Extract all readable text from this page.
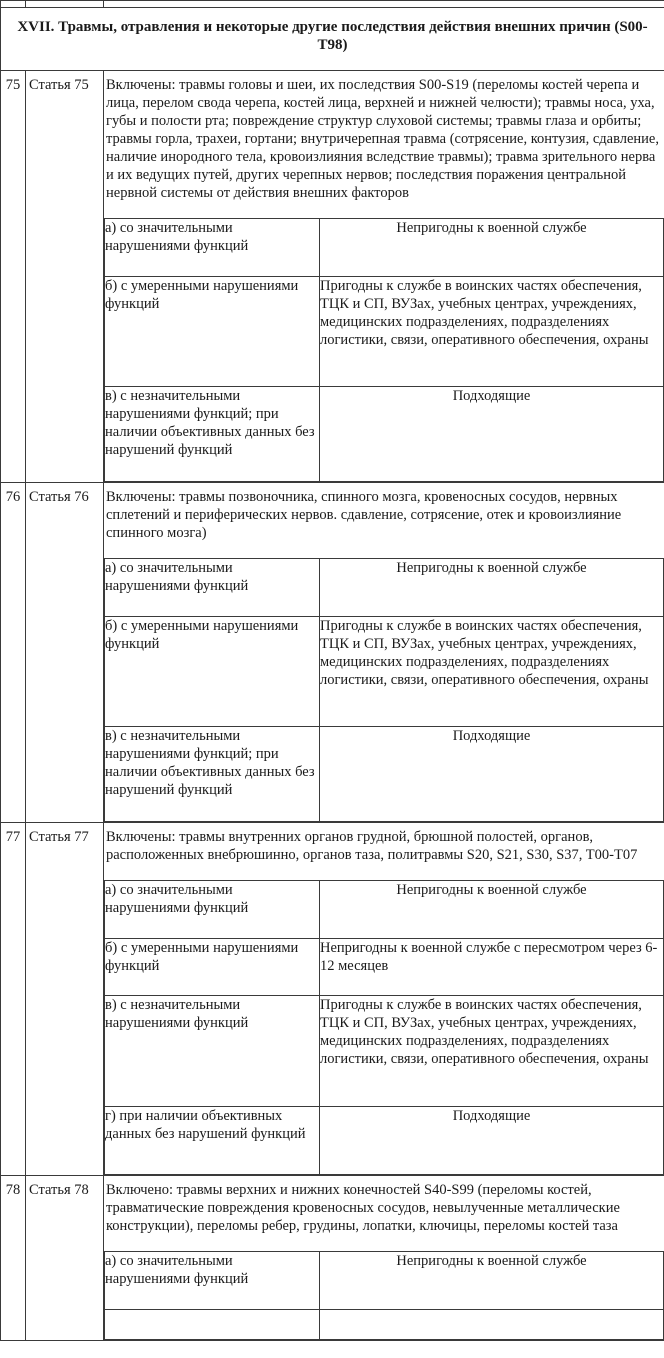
XVII. Травмы, отравления и некоторые другие последствия действия внешних причин (S00-T98)
75	Статья 75	Включены: травмы головы и шеи, их последствия S00-S19 (переломы костей черепа и лица, перелом свода черепа, костей лица, верхней и нижней челюсти); травмы носа, уха, губы и полости рта; повреждение структур слуховой системы; травмы глаза и орбиты; травмы горла, трахеи, гортани; внутричерепная травма (сотрясение, контузия, сдавление, наличие инородного тела, кровоизлияния вследствие травмы); травма зрительного нерва и их ведущих путей, других черепных нервов; последствия поражения центральной нервной системы от действия внешних факторов
а) со значительными нарушениями функций	Непригодны к военной службе
б) с умеренными нарушениями функций	Пригодны к службе в воинских частях обеспечения, ТЦК и СП, ВУЗах, учебных центрах, учреждениях, медицинских подразделениях, подразделениях логистики, связи, оперативного обеспечения, охраны
в) с незначительными нарушениями функций; при наличии объективных данных без нарушений функций	Подходящие

76	Статья 76	Включены: травмы позвоночника, спинного мозга, кровеносных сосудов, нервных сплетений и периферических нервов. сдавление, сотрясение, отек и кровоизлияние спинного мозга)
а) со значительными нарушениями функций	Непригодны к военной службе
б) с умеренными нарушениями функций	Пригодны к службе в воинских частях обеспечения, ТЦК и СП, ВУЗах, учебных центрах, учреждениях, медицинских подразделениях, подразделениях логистики, связи, оперативного обеспечения, охраны
в) с незначительными нарушениями функций; при наличии объективных данных без нарушений функций	Подходящие

77	Статья 77	Включены: травмы внутренних органов грудной, брюшной полостей, органов, расположенных внебрюшинно, органов таза, политравмы S20, S21, S30, S37, T00-T07
а) со значительными нарушениями функций	Непригодны к военной службе
б) с умеренными нарушениями функций	Непригодны к военной службе с пересмотром через 6-12 месяцев
в) с незначительными нарушениями функций	Пригодны к службе в воинских частях обеспечения, ТЦК и СП, ВУЗах, учебных центрах, учреждениях, медицинских подразделениях, подразделениях логистики, связи, оперативного обеспечения, охраны
г) при наличии объективных данных без нарушений функций	Подходящие

78	Статья 78	Включено: травмы верхних и нижних конечностей S40-S99 (переломы костей, травматические повреждения кровеносных сосудов, невылученные металлические конструкции), переломы ребер, грудины, лопатки, ключицы, переломы костей таза
а) со значительными нарушениями функций	Непригодны к военной службе
